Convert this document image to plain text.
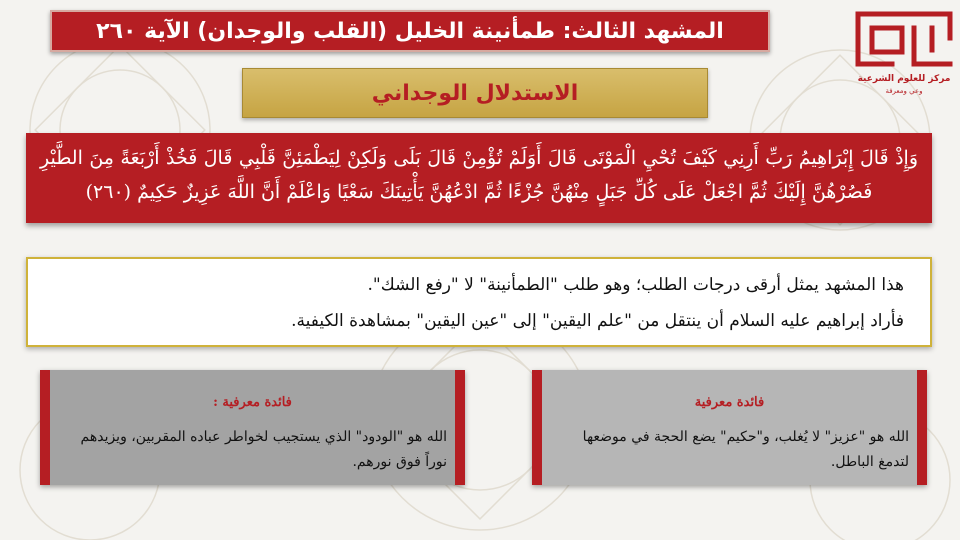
المشهد الثالث: طمأنينة الخليل (القلب والوجدان) الآية ٢٦٠
مركز للعلوم الشرعية
وعي ومعرفة
الاستدلال الوجداني

وَإِذْ قَالَ إِبْرَاهِيمُ رَبِّ أَرِنِي كَيْفَ تُحْيِ الْمَوْتَى قَالَ أَوَلَمْ تُؤْمِنْ قَالَ بَلَى وَلَكِنْ لِيَطْمَئِنَّ قَلْبِي قَالَ فَخُذْ أَرْبَعَةً مِنَ الطَّيْرِ فَصُرْهُنَّ إِلَيْكَ ثُمَّ اجْعَلْ عَلَى كُلِّ جَبَلٍ مِنْهُنَّ جُزْءًا ثُمَّ ادْعُهُنَّ يَأْتِينَكَ سَعْيًا وَاعْلَمْ أَنَّ اللَّهَ عَزِيزٌ حَكِيمٌ (٢٦٠)

هذا المشهد يمثل أرقى درجات الطلب؛ وهو طلب "الطمأنينة" لا "رفع الشك".

فأراد إبراهيم عليه السلام أن ينتقل من "علم اليقين" إلى "عين اليقين" بمشاهدة الكيفية.

فائدة معرفية :
الله هو "الودود" الذي يستجيب لخواطر عباده المقربين، ويزيدهم نوراً فوق نورهم.
فائدة معرفية
الله هو "عزيز" لا يُغلب، و"حكيم" يضع الحجة في موضعها لتدمغ الباطل.
